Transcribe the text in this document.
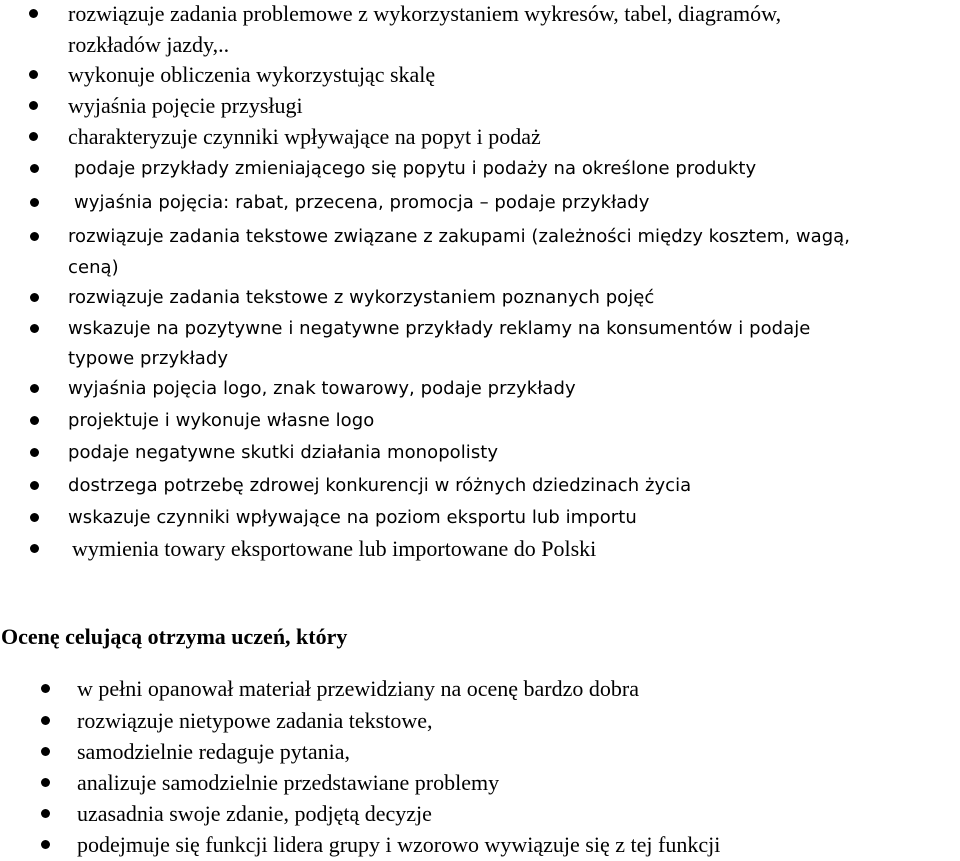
rozwiązuje zadania problemowe z wykorzystaniem wykresów, tabel, diagramów,
rozkładów jazdy,..
wykonuje obliczenia wykorzystując skalę
wyjaśnia pojęcie przysługi
charakteryzuje czynniki wpływające na popyt i podaż
podaje przykłady zmieniającego się popytu i podaży na określone produkty
wyjaśnia pojęcia: rabat, przecena, promocja – podaje przykłady
rozwiązuje zadania tekstowe związane z zakupami (zależności między kosztem, wagą,
ceną)
rozwiązuje zadania tekstowe z wykorzystaniem poznanych pojęć
wskazuje na pozytywne i negatywne przykłady reklamy na konsumentów i podaje
typowe przykłady
wyjaśnia pojęcia logo, znak towarowy, podaje przykłady
projektuje i wykonuje własne logo
podaje negatywne skutki działania monopolisty
dostrzega potrzebę zdrowej konkurencji w różnych dziedzinach życia
wskazuje czynniki wpływające na poziom eksportu lub importu
wymienia towary eksportowane lub importowane do Polski
Ocenę celującą otrzyma uczeń, który
w pełni opanował materiał przewidziany na ocenę bardzo dobra
rozwiązuje nietypowe zadania tekstowe,
samodzielnie redaguje pytania,
analizuje samodzielnie przedstawiane problemy
uzasadnia swoje zdanie, podjętą decyzje
podejmuje się funkcji lidera grupy i wzorowo wywiązuje się z tej funkcji
